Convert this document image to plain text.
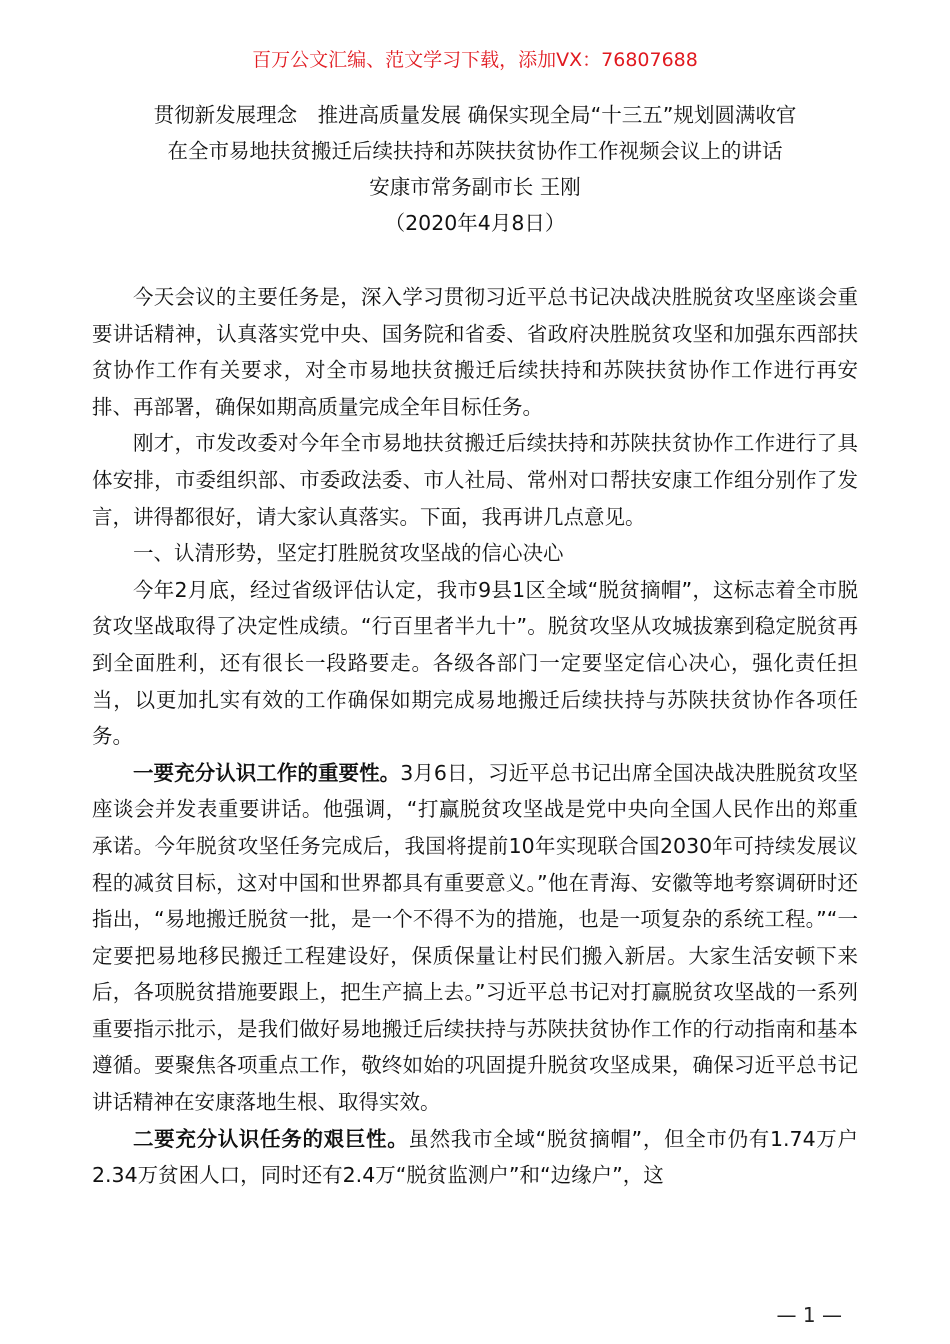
百万公文汇编、范文学习下载，添加VX：76807688
贯彻新发展理念　推进高质量发展 确保实现全局“十三五”规划圆满收官
在全市易地扶贫搬迁后续扶持和苏陕扶贫协作工作视频会议上的讲话
安康市常务副市长 王刚
（2020年4月8日）

今天会议的主要任务是，深入学习贯彻习近平总书记决战决胜脱贫攻坚座谈会重要讲话精神，认真落实党中央、国务院和省委、省政府决胜脱贫攻坚和加强东西部扶贫协作工作有关要求，对全市易地扶贫搬迁后续扶持和苏陕扶贫协作工作进行再安排、再部署，确保如期高质量完成全年目标任务。

刚才，市发改委对今年全市易地扶贫搬迁后续扶持和苏陕扶贫协作工作进行了具体安排，市委组织部、市委政法委、市人社局、常州对口帮扶安康工作组分别作了发言，讲得都很好，请大家认真落实。下面，我再讲几点意见。

一、认清形势，坚定打胜脱贫攻坚战的信心决心

今年2月底，经过省级评估认定，我市9县1区全域“脱贫摘帽”，这标志着全市脱贫攻坚战取得了决定性成绩。“行百里者半九十”。脱贫攻坚从攻城拔寨到稳定脱贫再到全面胜利，还有很长一段路要走。各级各部门一定要坚定信心决心，强化责任担当，以更加扎实有效的工作确保如期完成易地搬迁后续扶持与苏陕扶贫协作各项任务。

一要充分认识工作的重要性。3月6日，习近平总书记出席全国决战决胜脱贫攻坚座谈会并发表重要讲话。他强调，“打赢脱贫攻坚战是党中央向全国人民作出的郑重承诺。今年脱贫攻坚任务完成后，我国将提前10年实现联合国2030年可持续发展议程的减贫目标，这对中国和世界都具有重要意义。”他在青海、安徽等地考察调研时还指出，“易地搬迁脱贫一批，是一个不得不为的措施，也是一项复杂的系统工程。”“一定要把易地移民搬迁工程建设好，保质保量让村民们搬入新居。大家生活安顿下来后，各项脱贫措施要跟上，把生产搞上去。”习近平总书记对打赢脱贫攻坚战的一系列重要指示批示，是我们做好易地搬迁后续扶持与苏陕扶贫协作工作的行动指南和基本遵循。要聚焦各项重点工作，敬终如始的巩固提升脱贫攻坚成果，确保习近平总书记讲话精神在安康落地生根、取得实效。

二要充分认识任务的艰巨性。虽然我市全域“脱贫摘帽”，但全市仍有1.74万户2.34万贫困人口，同时还有2.4万“脱贫监测户”和“边缘户”，这

— 1 —
